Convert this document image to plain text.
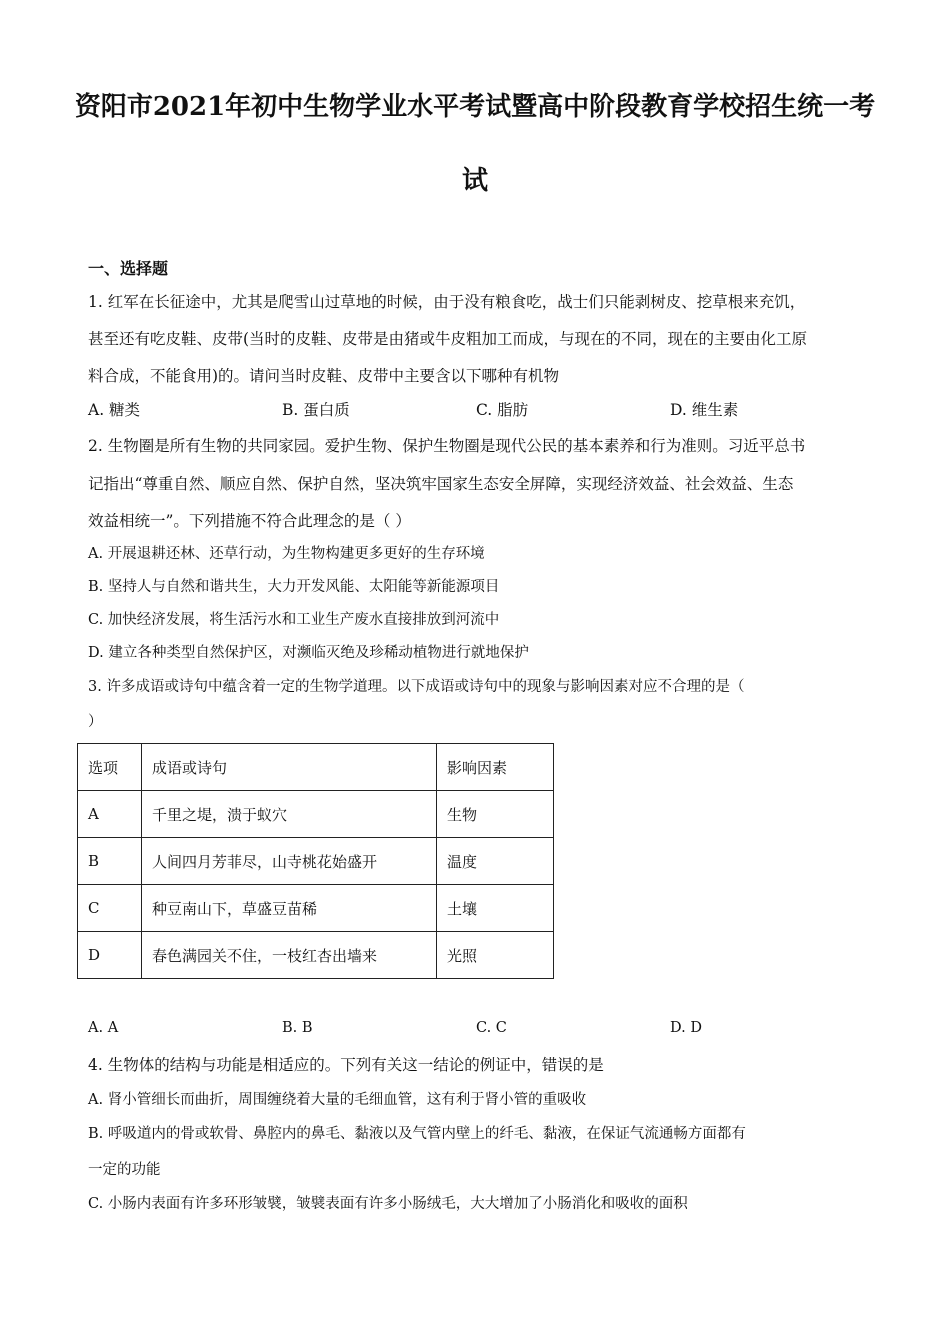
资阳市2021年初中生物学业水平考试暨高中阶段教育学校招生统一考
试
一、选择题
1. 红军在长征途中，尤其是爬雪山过草地的时候，由于没有粮食吃，战士们只能剥树皮、挖草根来充饥，
甚至还有吃皮鞋、皮带(当时的皮鞋、皮带是由猪或牛皮粗加工而成，与现在的不同，现在的主要由化工原
料合成，不能食用)的。请问当时皮鞋、皮带中主要含以下哪种有机物
A. 糖类	B. 蛋白质	C. 脂肪	D. 维生素
2. 生物圈是所有生物的共同家园。爱护生物、保护生物圈是现代公民的基本素养和行为准则。习近平总书
记指出“尊重自然、顺应自然、保护自然，坚决筑牢国家生态安全屏障，实现经济效益、社会效益、生态
效益相统一”。下列措施不符合此理念的是（ ）
A. 开展退耕还林、还草行动，为生物构建更多更好的生存环境
B. 坚持人与自然和谐共生，大力开发风能、太阳能等新能源项目
C. 加快经济发展，将生活污水和工业生产废水直接排放到河流中
D. 建立各种类型自然保护区，对濒临灭绝及珍稀动植物进行就地保护
3. 许多成语或诗句中蕴含着一定的生物学道理。以下成语或诗句中的现象与影响因素对应不合理的是（
）
选项	成语或诗句	影响因素
A	千里之堤，溃于蚁穴	生物
B	人间四月芳菲尽，山寺桃花始盛开	温度
C	种豆南山下，草盛豆苗稀	土壤
D	春色满园关不住，一枝红杏出墙来	光照
A. A	B. B	C. C	D. D
4. 生物体的结构与功能是相适应的。下列有关这一结论的例证中，错误的是
A. 肾小管细长而曲折，周围缠绕着大量的毛细血管，这有利于肾小管的重吸收
B. 呼吸道内的骨或软骨、鼻腔内的鼻毛、黏液以及气管内壁上的纤毛、黏液，在保证气流通畅方面都有
一定的功能
C. 小肠内表面有许多环形皱襞，皱襞表面有许多小肠绒毛，大大增加了小肠消化和吸收的面积
